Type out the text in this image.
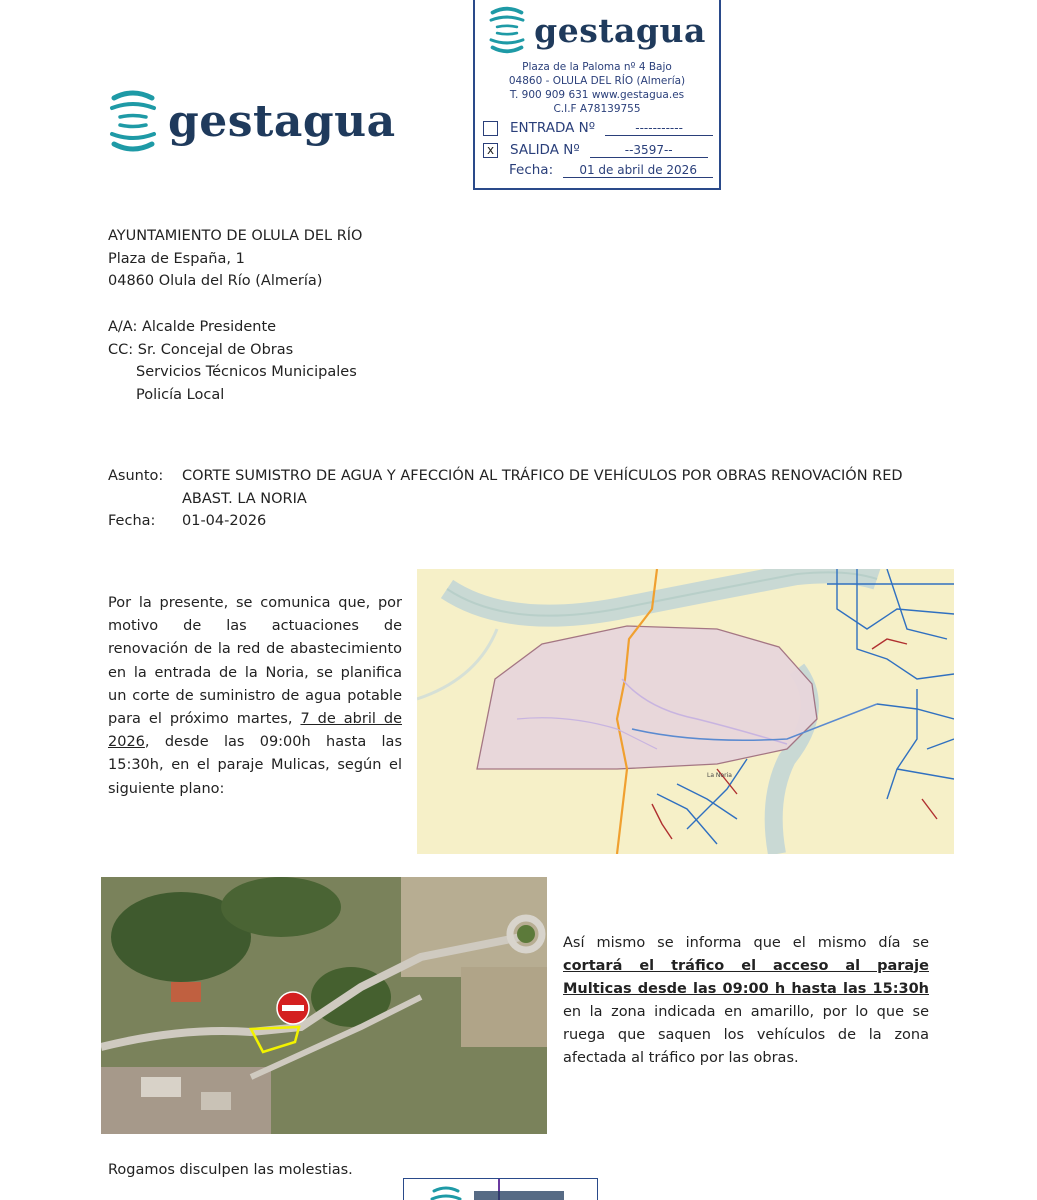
gestagua
gestagua
Plaza de la Paloma nº 4 Bajo
04860 - OLULA DEL RÍO (Almería)
T. 900 909 631 www.gestagua.es
C.I.F A78139755
ENTRADA Nº	-----------
x SALIDA Nº	--3597--
Fecha:	01 de abril de 2026
AYUNTAMIENTO DE OLULA DEL RÍO
Plaza de España, 1
04860 Olula del Río (Almería)
A/A: Alcalde Presidente
CC: Sr. Concejal de Obras
Servicios Técnicos Municipales
Policía Local
Asunto: CORTE SUMISTRO DE AGUA Y AFECCIÓN AL TRÁFICO DE VEHÍCULOS POR OBRAS RENOVACIÓN RED ABAST. LA NORIA
Fecha: 01-04-2026
Por la presente, se comunica que, por motivo de las actuaciones de renovación de la red de abastecimiento en la entrada de la Noria, se planifica un corte de suministro de agua potable para el próximo martes, 7 de abril de 2026, desde las 09:00h hasta las 15:30h, en el paraje Mulicas, según el siguiente plano:
La Noria
Así mismo se informa que el mismo día se cortará el tráfico el acceso al paraje Multicas desde las 09:00 h hasta las 15:30h en la zona indicada en amarillo, por lo que se ruega que saquen los vehículos de la zona afectada al tráfico por las obras.
Rogamos disculpen las molestias.
